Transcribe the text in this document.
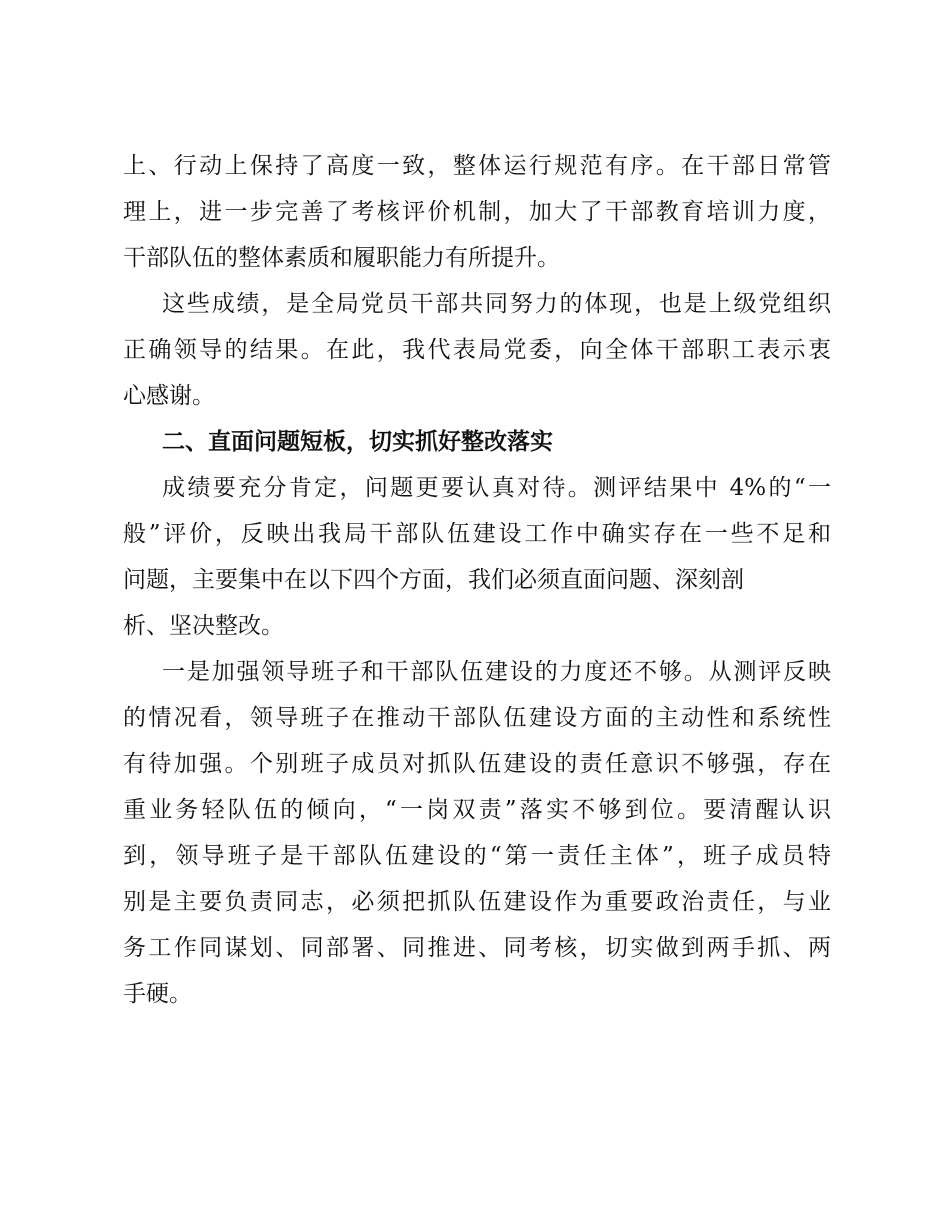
上、行动上保持了高度一致，整体运行规范有序。在干部日常管
理上，进一步完善了考核评价机制，加大了干部教育培训力度，
干部队伍的整体素质和履职能力有所提升。
这些成绩，是全局党员干部共同努力的体现，也是上级党组织
正确领导的结果。在此，我代表局党委，向全体干部职工表示衷
心感谢。
二、直面问题短板，切实抓好整改落实
成绩要充分肯定，问题更要认真对待。测评结果中 4%的“一
般”评价，反映出我局干部队伍建设工作中确实存在一些不足和
问题，主要集中在以下四个方面，我们必须直面问题、深刻剖
析、坚决整改。
一是加强领导班子和干部队伍建设的力度还不够。从测评反映
的情况看，领导班子在推动干部队伍建设方面的主动性和系统性
有待加强。个别班子成员对抓队伍建设的责任意识不够强，存在
重业务轻队伍的倾向，“一岗双责”落实不够到位。要清醒认识
到，领导班子是干部队伍建设的“第一责任主体”，班子成员特
别是主要负责同志，必须把抓队伍建设作为重要政治责任，与业
务工作同谋划、同部署、同推进、同考核，切实做到两手抓、两
手硬。
